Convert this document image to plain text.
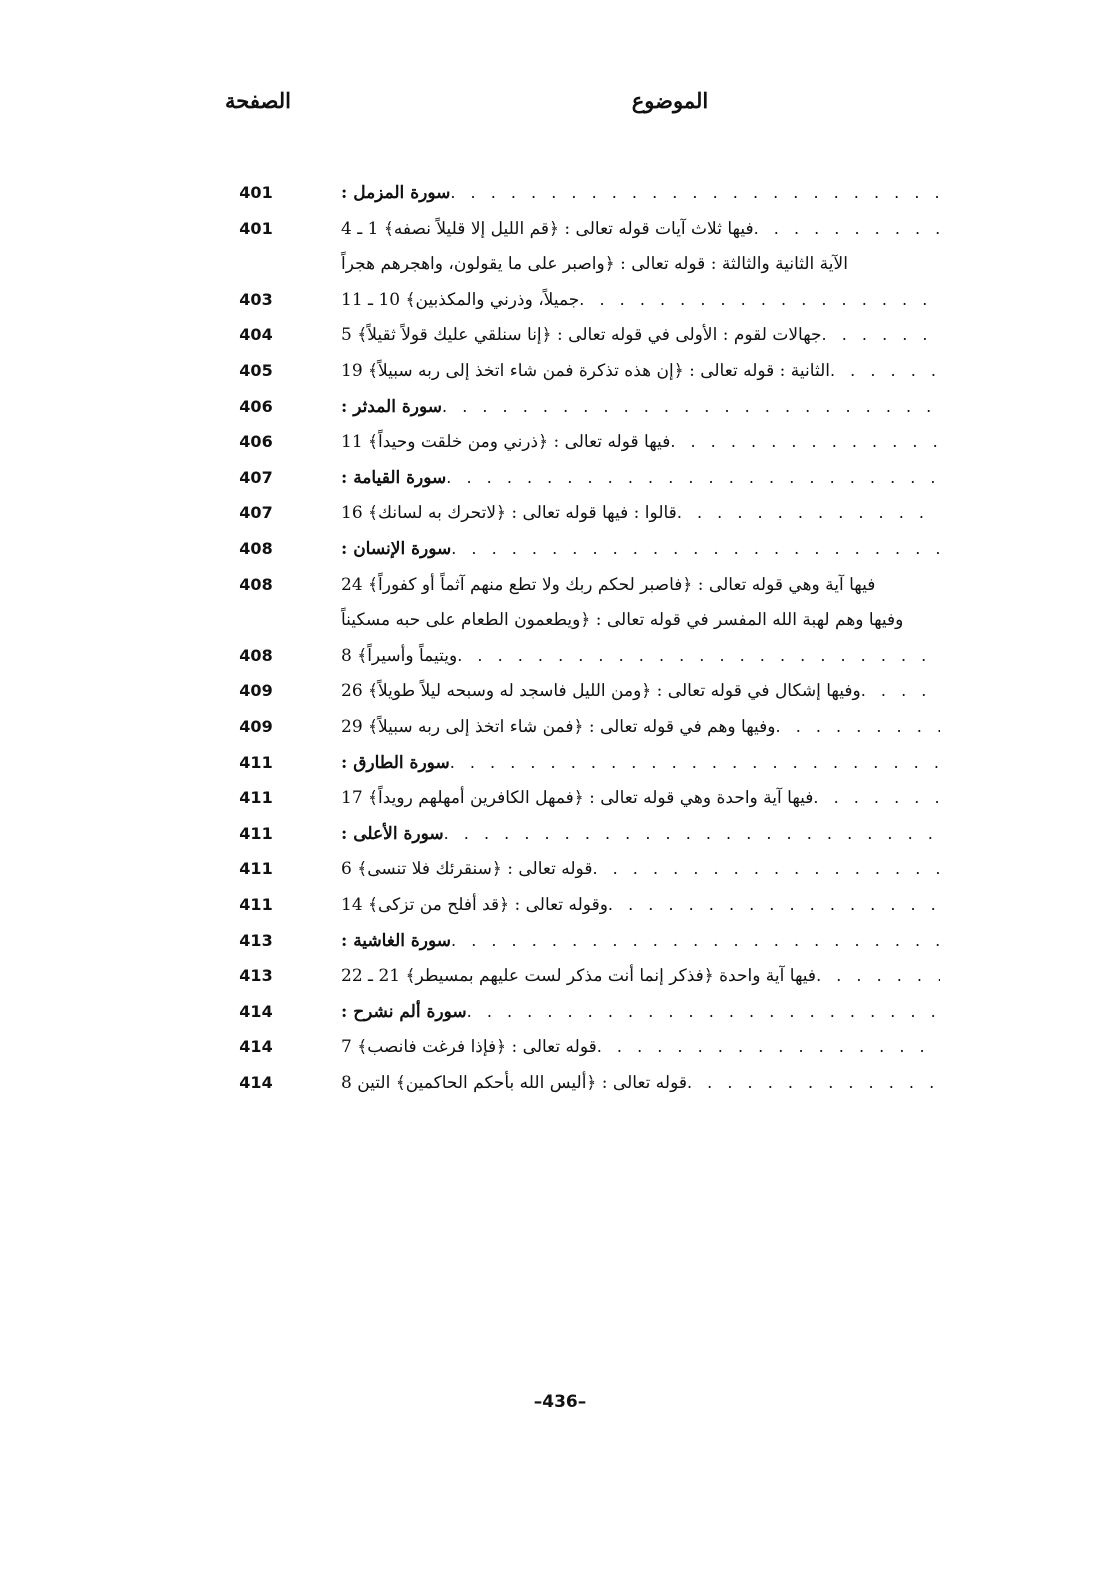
الموضوع
الصفحة
401	سورة المزمل :
. . .
401	فيها ثلاث آيات قوله تعالى : ﴿قم الليل إلا قليلاً نصفه﴾ 1 ـ 4
. . .
الآية الثانية والثالثة : قوله تعالى : ﴿واصبر على ما يقولون، واهجرهم هجراً
403	جميلاً، وذرني والمكذبين﴾ 10 ـ 11
. . .
404	جهالات لقوم : الأولى في قوله تعالى : ﴿إنا سنلقي عليك قولاً ثقيلاً﴾ 5
. . .
405	الثانية : قوله تعالى : ﴿إن هذه تذكرة فمن شاء اتخذ إلى ربه سبيلاً﴾ 19
. . .
406	سورة المدثر :
. . .
406	فيها قوله تعالى : ﴿ذرني ومن خلقت وحيداً﴾ 11
. . .
407	سورة القيامة :
. . .
407	قالوا : فيها قوله تعالى : ﴿لاتحرك به لسانك﴾ 16
. . .
408	سورة الإنسان :
. . .
408	فيها آية وهي قوله تعالى : ﴿فاصبر لحكم ربك ولا تطع منهم آثماً أو كفوراً﴾ 24
وفيها وهم لهبة الله المفسر في قوله تعالى : ﴿ويطعمون الطعام على حبه مسكيناً
408	ويتيماً وأسيراً﴾ 8
. . .
409	وفيها إشكال في قوله تعالى : ﴿ومن الليل فاسجد له وسبحه ليلاً طويلاً﴾ 26
. . .
409	وفيها وهم في قوله تعالى : ﴿فمن شاء اتخذ إلى ربه سبيلاً﴾ 29
. . .
411	سورة الطارق :
. . .
411	فيها آية واحدة وهي قوله تعالى : ﴿فمهل الكافرين أمهلهم رويداً﴾ 17
. . .
411	سورة الأعلى :
. . .
411	قوله تعالى : ﴿سنقرئك فلا تنسى﴾ 6
. . .
411	وقوله تعالى : ﴿قد أفلح من تزكى﴾ 14
. . .
413	سورة الغاشية :
. . .
413	فيها آية واحدة ﴿فذكر إنما أنت مذكر لست عليهم بمسيطر﴾ 21 ـ 22
. . .
414	سورة ألم نشرح :
. . .
414	قوله تعالى : ﴿فإذا فرغت فانصب﴾ 7
. . .
414	قوله تعالى : ﴿أليس الله بأحكم الحاكمين﴾ التين 8
. . .
–436–
